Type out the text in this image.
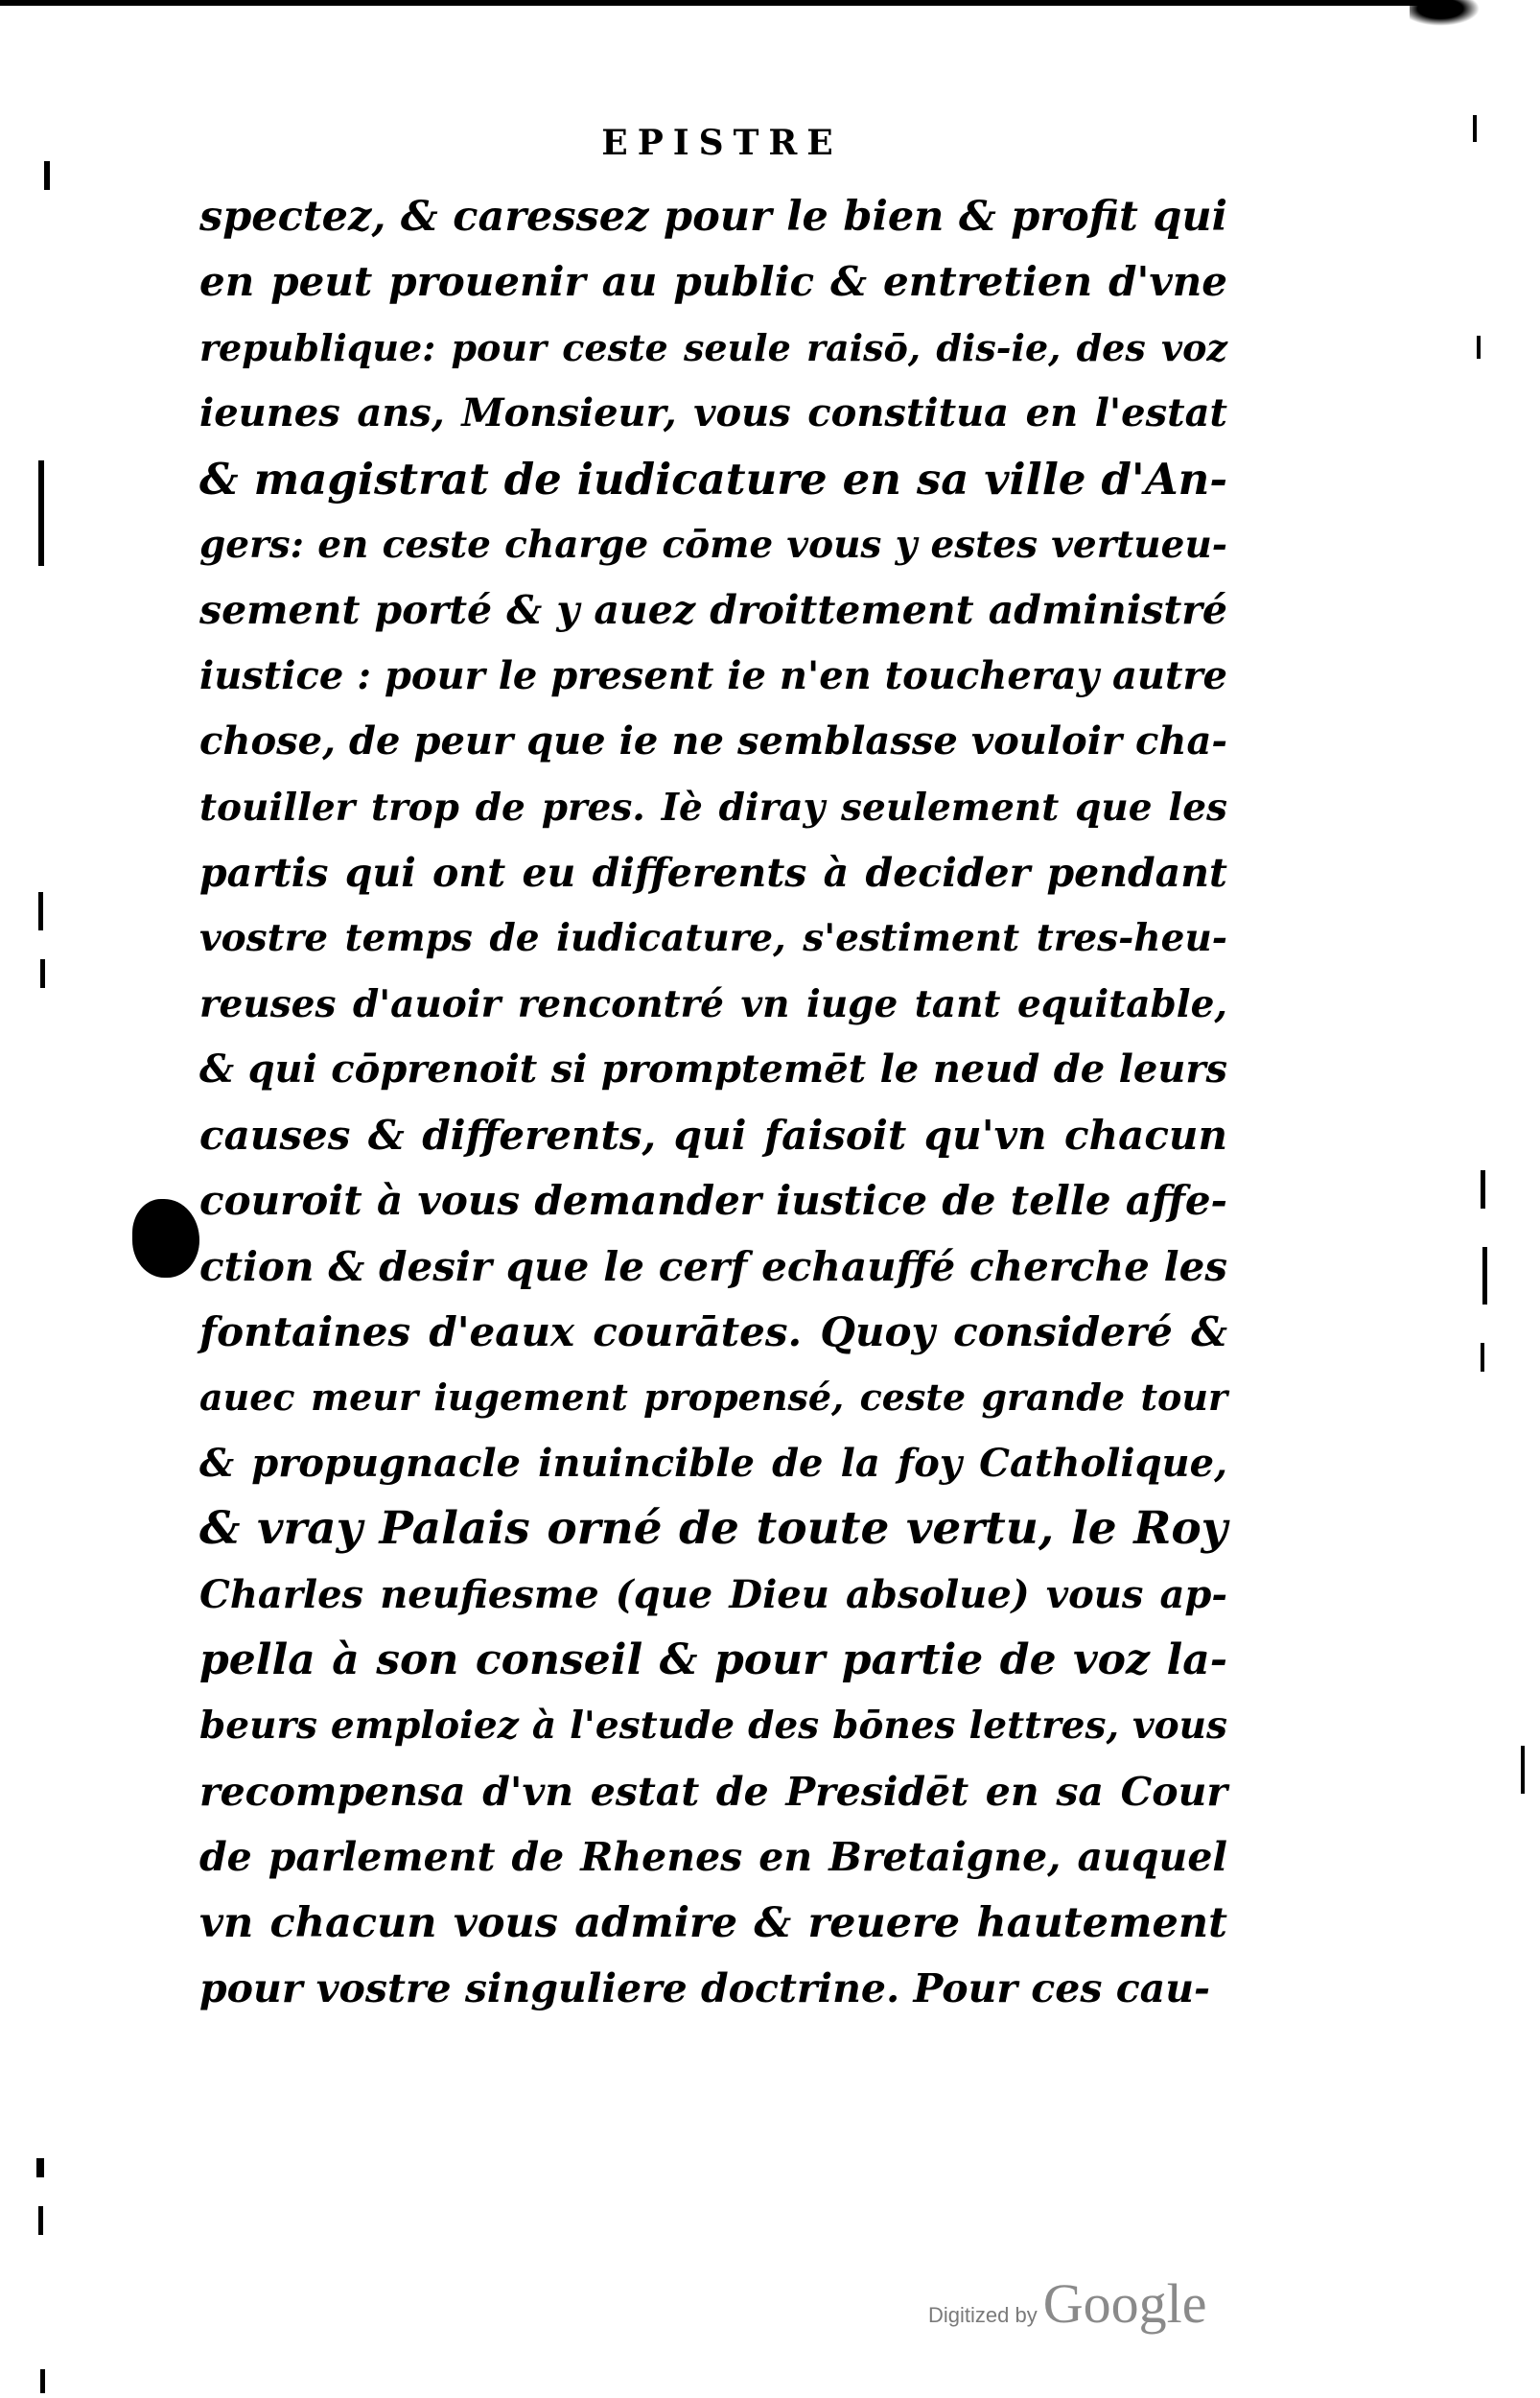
EPISTRE
spectez, & caressez pour le bien & profit qui
en peut prouenir au public & entretien d'vne
republique: pour ceste seule raisō, dis-ie, des voz
ieunes ans, Monsieur, vous constitua en l'estat
& magistrat de iudicature en sa ville d'An-
gers: en ceste charge cōme vous y estes vertueu-
sement porté & y auez droittement administré
iustice : pour le present ie n'en toucheray autre
chose, de peur que ie ne semblasse vouloir cha-
touiller trop de pres. Iè diray seulement que les
partis qui ont eu differents à decider pendant
vostre temps de iudicature, s'estiment tres-heu-
reuses d'auoir rencontré vn iuge tant equitable,
& qui cōprenoit si promptemēt le neud de leurs
causes & differents, qui faisoit qu'vn chacun
couroit à vous demander iustice de telle affe-
ction & desir que le cerf echauffé cherche les
fontaines d'eaux courātes. Quoy consideré &
auec meur iugement propensé, ceste grande tour
& propugnacle inuincible de la foy Catholique,
& vray Palais orné de toute vertu, le Roy
Charles neufiesme (que Dieu absolue) vous ap-
pella à son conseil & pour partie de voz la-
beurs emploiez à l'estude des bōnes lettres, vous
recompensa d'vn estat de Presidēt en sa Cour
de parlement de Rhenes en Bretaigne, auquel
vn chacun vous admire & reuere hautement
pour vostre singuliere doctrine. Pour ces cau-
Digitized by Google
